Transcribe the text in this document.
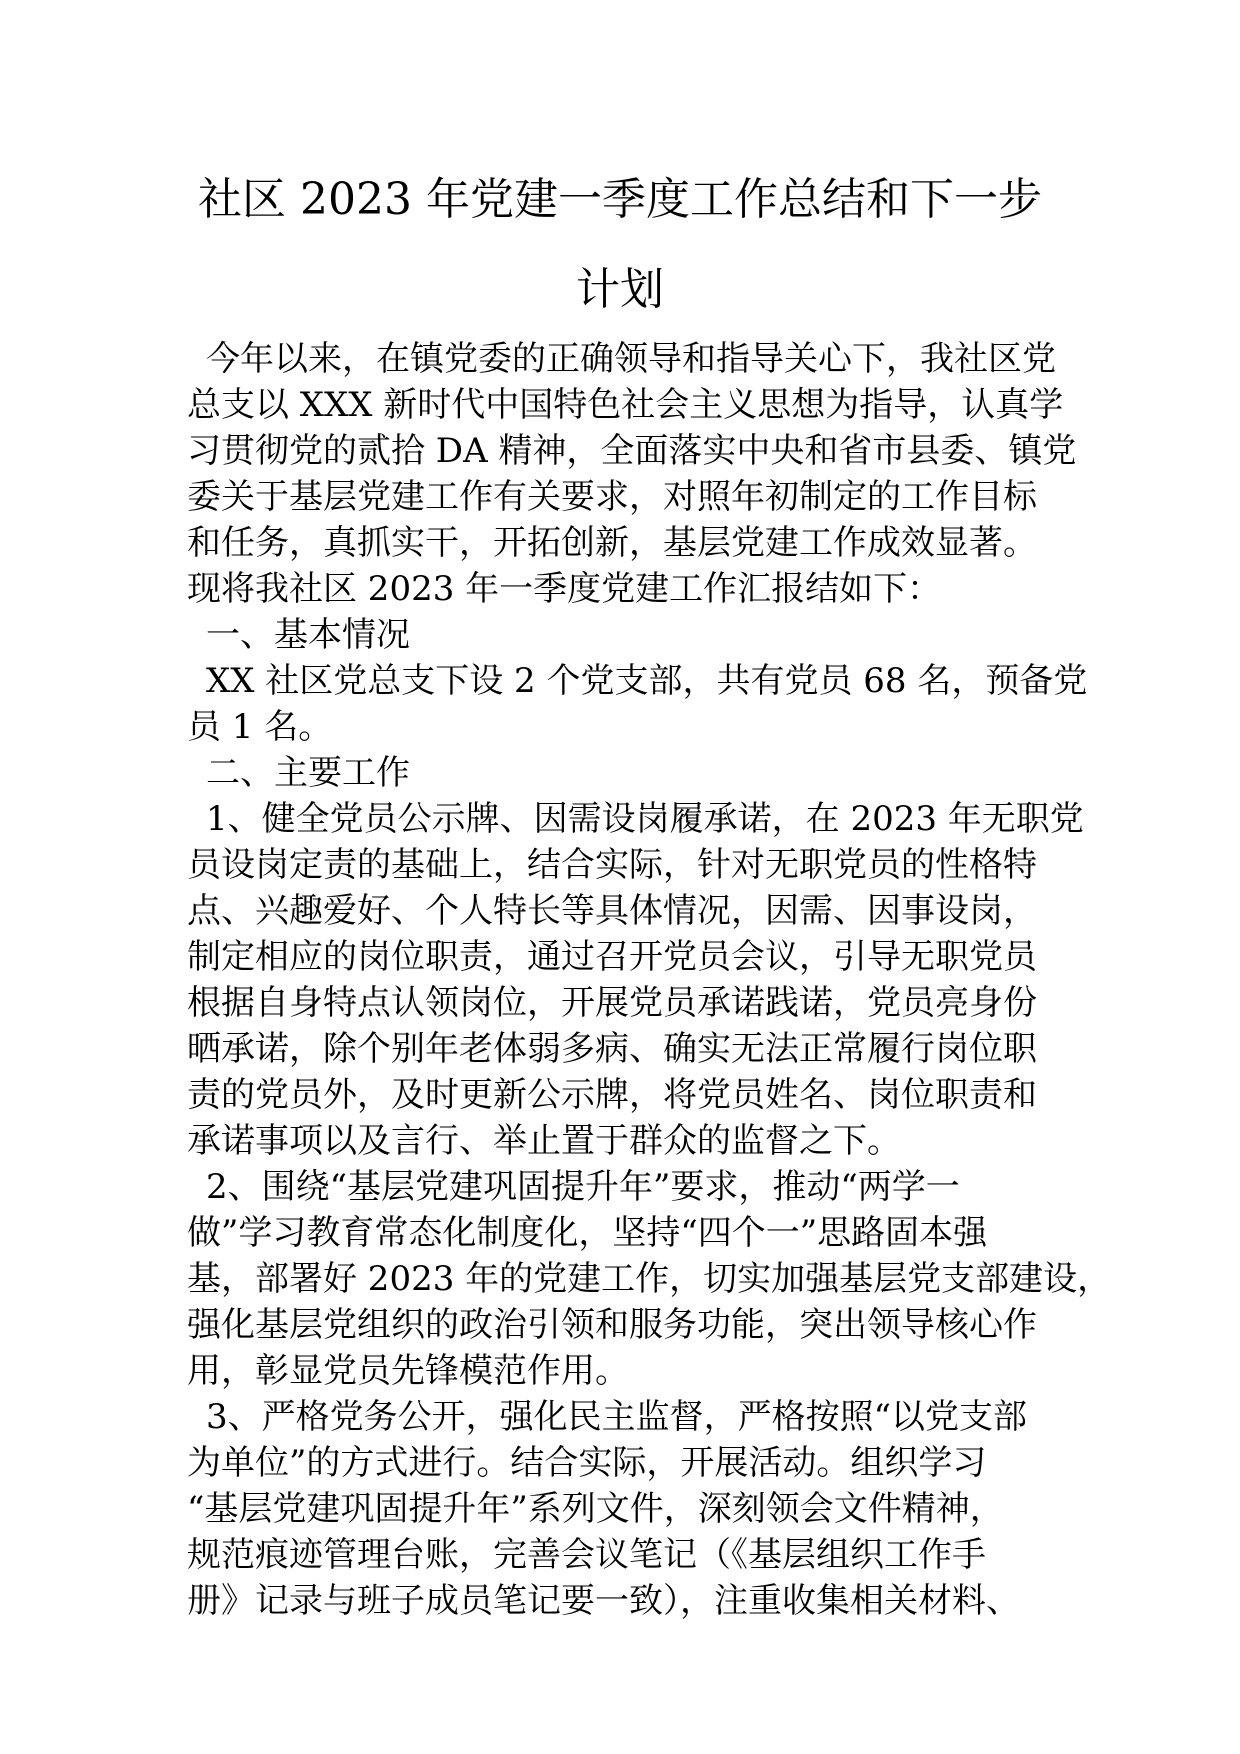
社区 2023 年党建一季度工作总结和下一步
计划
今年以来，在镇党委的正确领导和指导关心下，我社区党
总支以 XXX 新时代中国特色社会主义思想为指导，认真学
习贯彻党的贰拾 DA 精神，全面落实中央和省市县委、镇党
委关于基层党建工作有关要求，对照年初制定的工作目标
和任务，真抓实干，开拓创新，基层党建工作成效显著。
现将我社区 2023 年一季度党建工作汇报结如下：
一、基本情况
XX 社区党总支下设 2 个党支部，共有党员 68 名，预备党
员 1 名。
二、主要工作
1、健全党员公示牌、因需设岗履承诺，在 2023 年无职党
员设岗定责的基础上，结合实际，针对无职党员的性格特
点、兴趣爱好、个人特长等具体情况，因需、因事设岗，
制定相应的岗位职责，通过召开党员会议，引导无职党员
根据自身特点认领岗位，开展党员承诺践诺，党员亮身份
晒承诺，除个别年老体弱多病、确实无法正常履行岗位职
责的党员外，及时更新公示牌，将党员姓名、岗位职责和
承诺事项以及言行、举止置于群众的监督之下。
2、围绕“基层党建巩固提升年”要求，推动“两学一
做”学习教育常态化制度化，坚持“四个一”思路固本强
基，部署好 2023 年的党建工作，切实加强基层党支部建设，
强化基层党组织的政治引领和服务功能，突出领导核心作
用，彰显党员先锋模范作用。
3、严格党务公开，强化民主监督，严格按照“以党支部
为单位”的方式进行。结合实际，开展活动。组织学习
“基层党建巩固提升年”系列文件，深刻领会文件精神，
规范痕迹管理台账，完善会议笔记（《基层组织工作手
册》记录与班子成员笔记要一致），注重收集相关材料、
